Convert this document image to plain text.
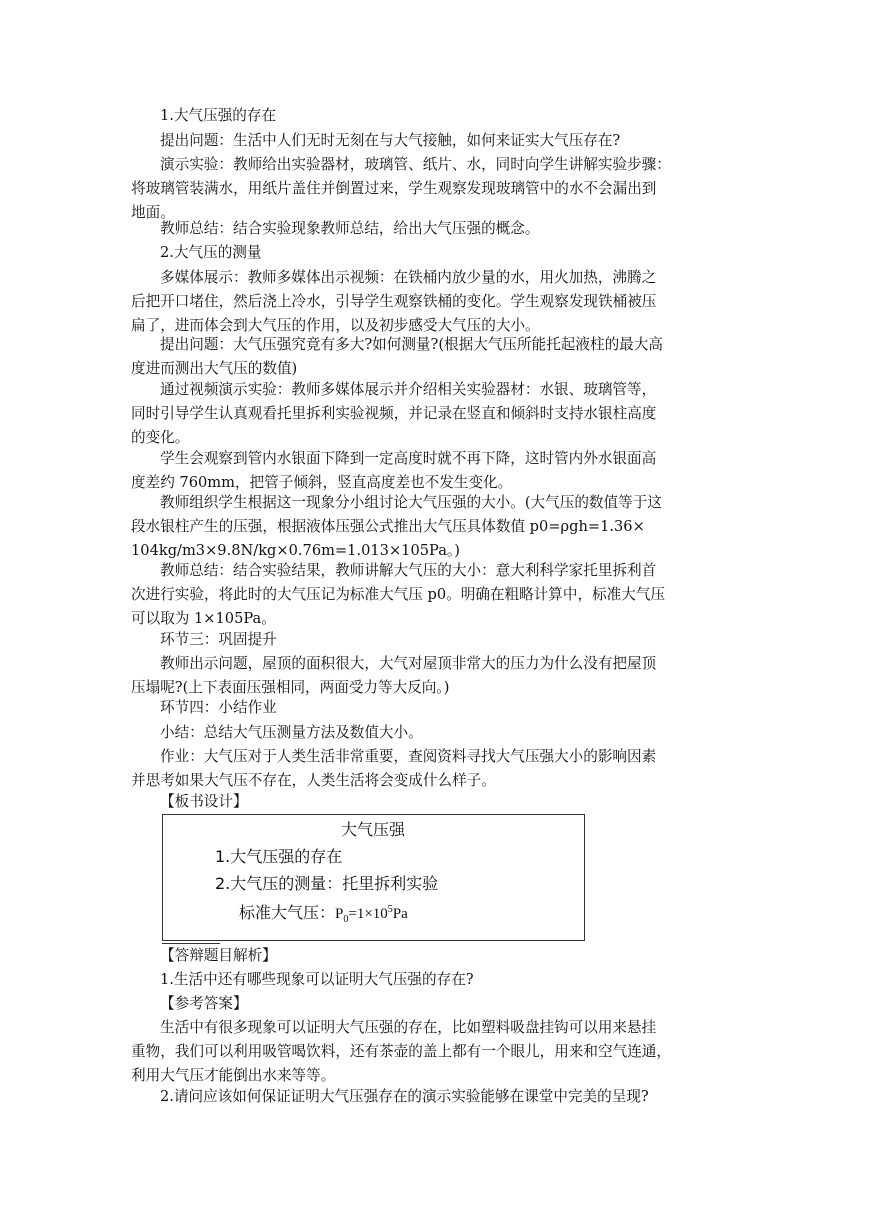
1.大气压强的存在
提出问题：生活中人们无时无刻在与大气接触，如何来证实大气压存在?
演示实验：教师给出实验器材，玻璃管、纸片、水，同时向学生讲解实验步骤：
将玻璃管装满水，用纸片盖住并倒置过来，学生观察发现玻璃管中的水不会漏出到
地面。
教师总结：结合实验现象教师总结，给出大气压强的概念。
2.大气压的测量
多媒体展示：教师多媒体出示视频：在铁桶内放少量的水，用火加热，沸腾之
后把开口堵住，然后浇上冷水，引导学生观察铁桶的变化。学生观察发现铁桶被压
扁了，进而体会到大气压的作用，以及初步感受大气压的大小。
提出问题：大气压强究竟有多大?如何测量?(根据大气压所能托起液柱的最大高
度进而测出大气压的数值)
通过视频演示实验：教师多媒体展示并介绍相关实验器材：水银、玻璃管等，
同时引导学生认真观看托里拆利实验视频，并记录在竖直和倾斜时支持水银柱高度
的变化。
学生会观察到管内水银面下降到一定高度时就不再下降，这时管内外水银面高
度差约 760mm，把管子倾斜，竖直高度差也不发生变化。
教师组织学生根据这一现象分小组讨论大气压强的大小。(大气压的数值等于这
段水银柱产生的压强，根据液体压强公式推出大气压具体数值 p0=ρgh=1.36×
104kg/m3×9.8N/kg×0.76m=1.013×105Pa。)
教师总结：结合实验结果，教师讲解大气压的大小：意大利科学家托里拆利首
次进行实验，将此时的大气压记为标准大气压 p0。明确在粗略计算中，标准大气压
可以取为 1×105Pa。
环节三：巩固提升
教师出示问题，屋顶的面积很大，大气对屋顶非常大的压力为什么没有把屋顶
压塌呢?(上下表面压强相同，两面受力等大反向。)
环节四：小结作业
小结：总结大气压测量方法及数值大小。
作业：大气压对于人类生活非常重要，查阅资料寻找大气压强大小的影响因素
并思考如果大气压不存在，人类生活将会变成什么样子。
【板书设计】
大气压强
1.大气压强的存在
2.大气压的测量：托里拆利实验
标准大气压：$P_0=1\times 10^5Pa$
【答辩题目解析】
1.生活中还有哪些现象可以证明大气压强的存在?
【参考答案】
生活中有很多现象可以证明大气压强的存在，比如塑料吸盘挂钩可以用来悬挂
重物，我们可以利用吸管喝饮料，还有茶壶的盖上都有一个眼儿，用来和空气连通，
利用大气压才能倒出水来等等。
2.请问应该如何保证证明大气压强存在的演示实验能够在课堂中完美的呈现?
